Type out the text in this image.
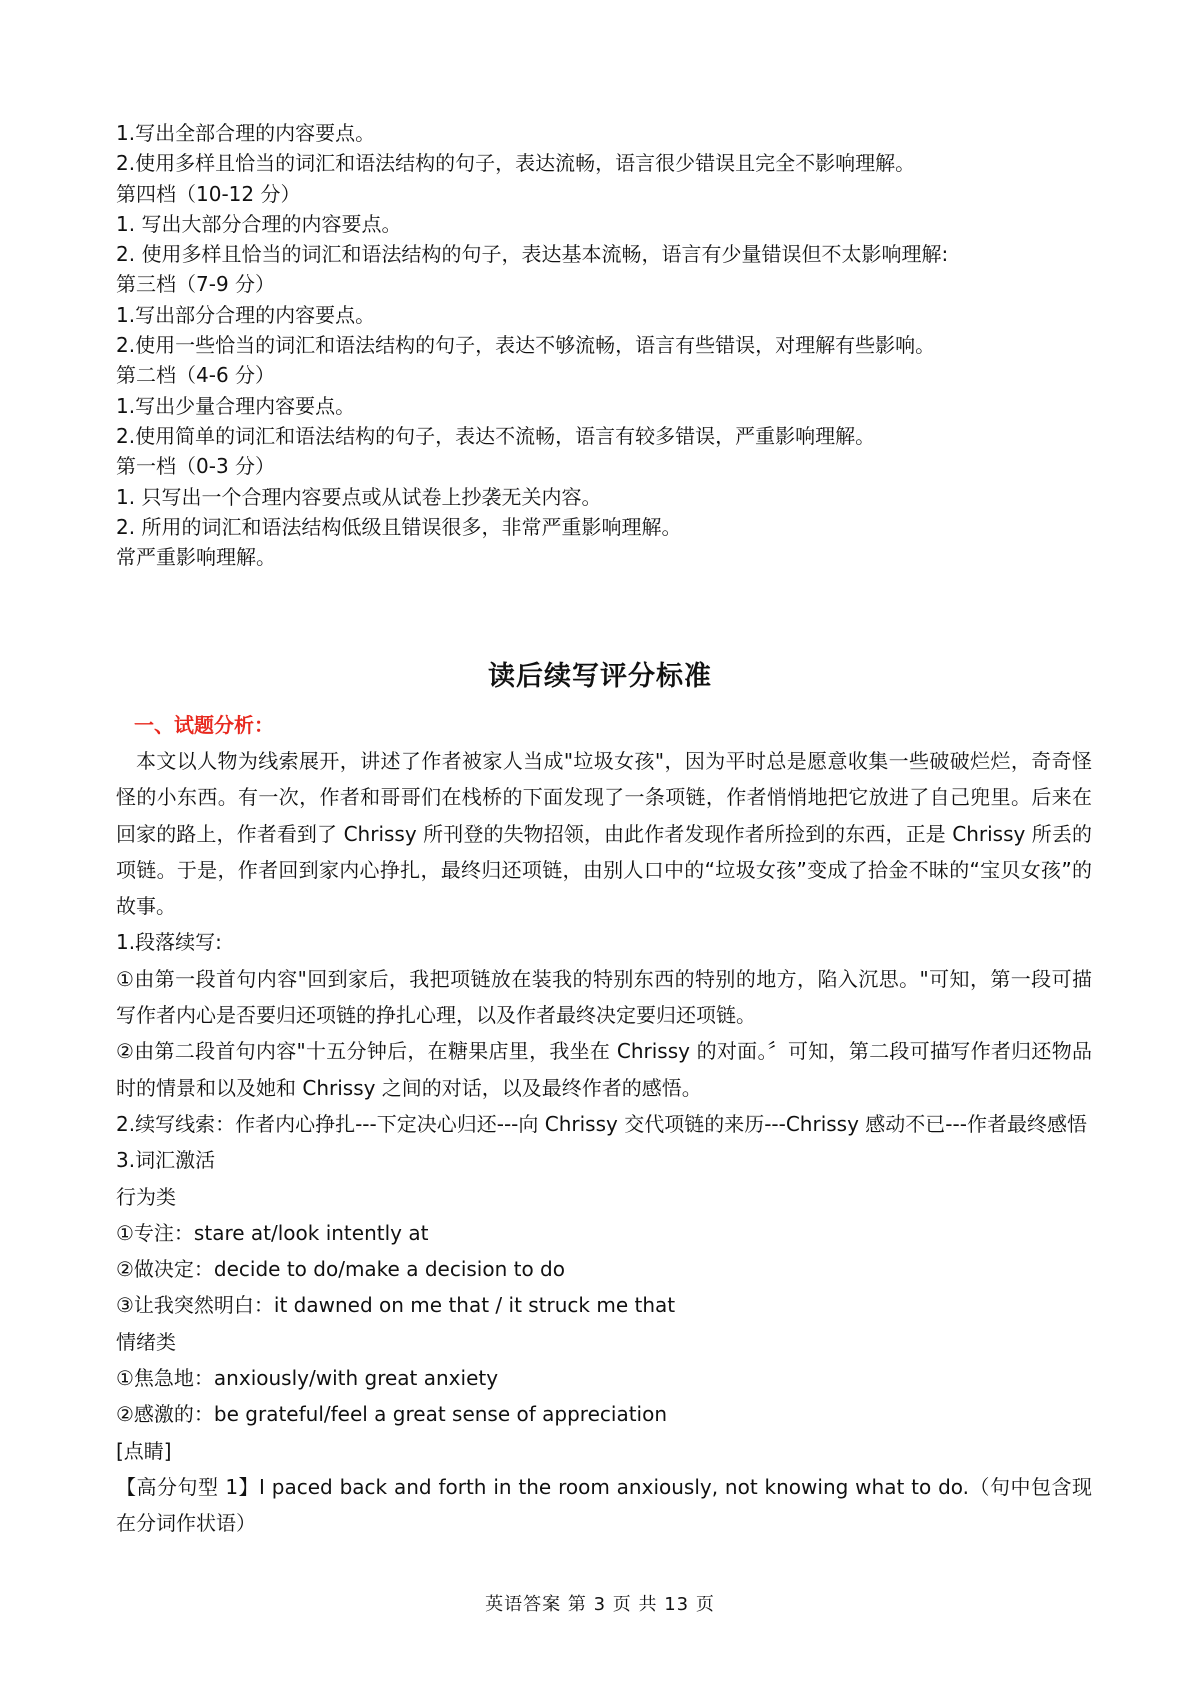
1.写出全部合理的内容要点。
2.使用多样且恰当的词汇和语法结构的句子，表达流畅，语言很少错误且完全不影响理解。
第四档（10-12 分）
1. 写出大部分合理的内容要点。
2. 使用多样且恰当的词汇和语法结构的句子，表达基本流畅，语言有少量错误但不太影响理解:
第三档（7-9 分）
1.写出部分合理的内容要点。
2.使用一些恰当的词汇和语法结构的句子，表达不够流畅，语言有些错误，对理解有些影响。
第二档（4-6 分）
1.写出少量合理内容要点。
2.使用简单的词汇和语法结构的句子，表达不流畅，语言有较多错误，严重影响理解。
第一档（0-3 分）
1. 只写出一个合理内容要点或从试卷上抄袭无关内容。
2. 所用的词汇和语法结构低级且错误很多，非常严重影响理解。
常严重影响理解。
读后续写评分标准
一、试题分析：

本文以人物为线索展开，讲述了作者被家人当成"垃圾女孩"，因为平时总是愿意收集一些破破烂烂，奇奇怪怪的小东西。有一次，作者和哥哥们在栈桥的下面发现了一条项链，作者悄悄地把它放进了自己兜里。后来在回家的路上，作者看到了 Chrissy 所刊登的失物招领，由此作者发现作者所捡到的东西，正是 Chrissy 所丢的项链。于是，作者回到家内心挣扎，最终归还项链，由别人口中的“垃圾女孩”变成了拾金不昧的“宝贝女孩”的故事。

1.段落续写:

①由第一段首句内容"回到家后，我把项链放在装我的特别东西的特别的地方，陷入沉思。"可知，第一段可描写作者内心是否要归还项链的挣扎心理，以及作者最终决定要归还项链。

②由第二段首句内容"十五分钟后，在糖果店里，我坐在 Chrissy 的对面。〞可知，第二段可描写作者归还物品时的情景和以及她和 Chrissy 之间的对话，以及最终作者的感悟。

2.续写线索：作者内心挣扎---下定决心归还---向 Chrissy 交代项链的来历---Chrissy 感动不已---作者最终感悟

3.词汇激活

行为类

①专注：stare at/look intently at

②做决定：decide to do/make a decision to do

③让我突然明白：it dawned on me that / it struck me that

情绪类

①焦急地：anxiously/with great anxiety

②感激的：be grateful/feel a great sense of appreciation

[点睛]

【高分句型 1】I paced back and forth in the room anxiously, not knowing what to do.（句中包含现在分词作状语）

英语答案 第 3 页 共 13 页
